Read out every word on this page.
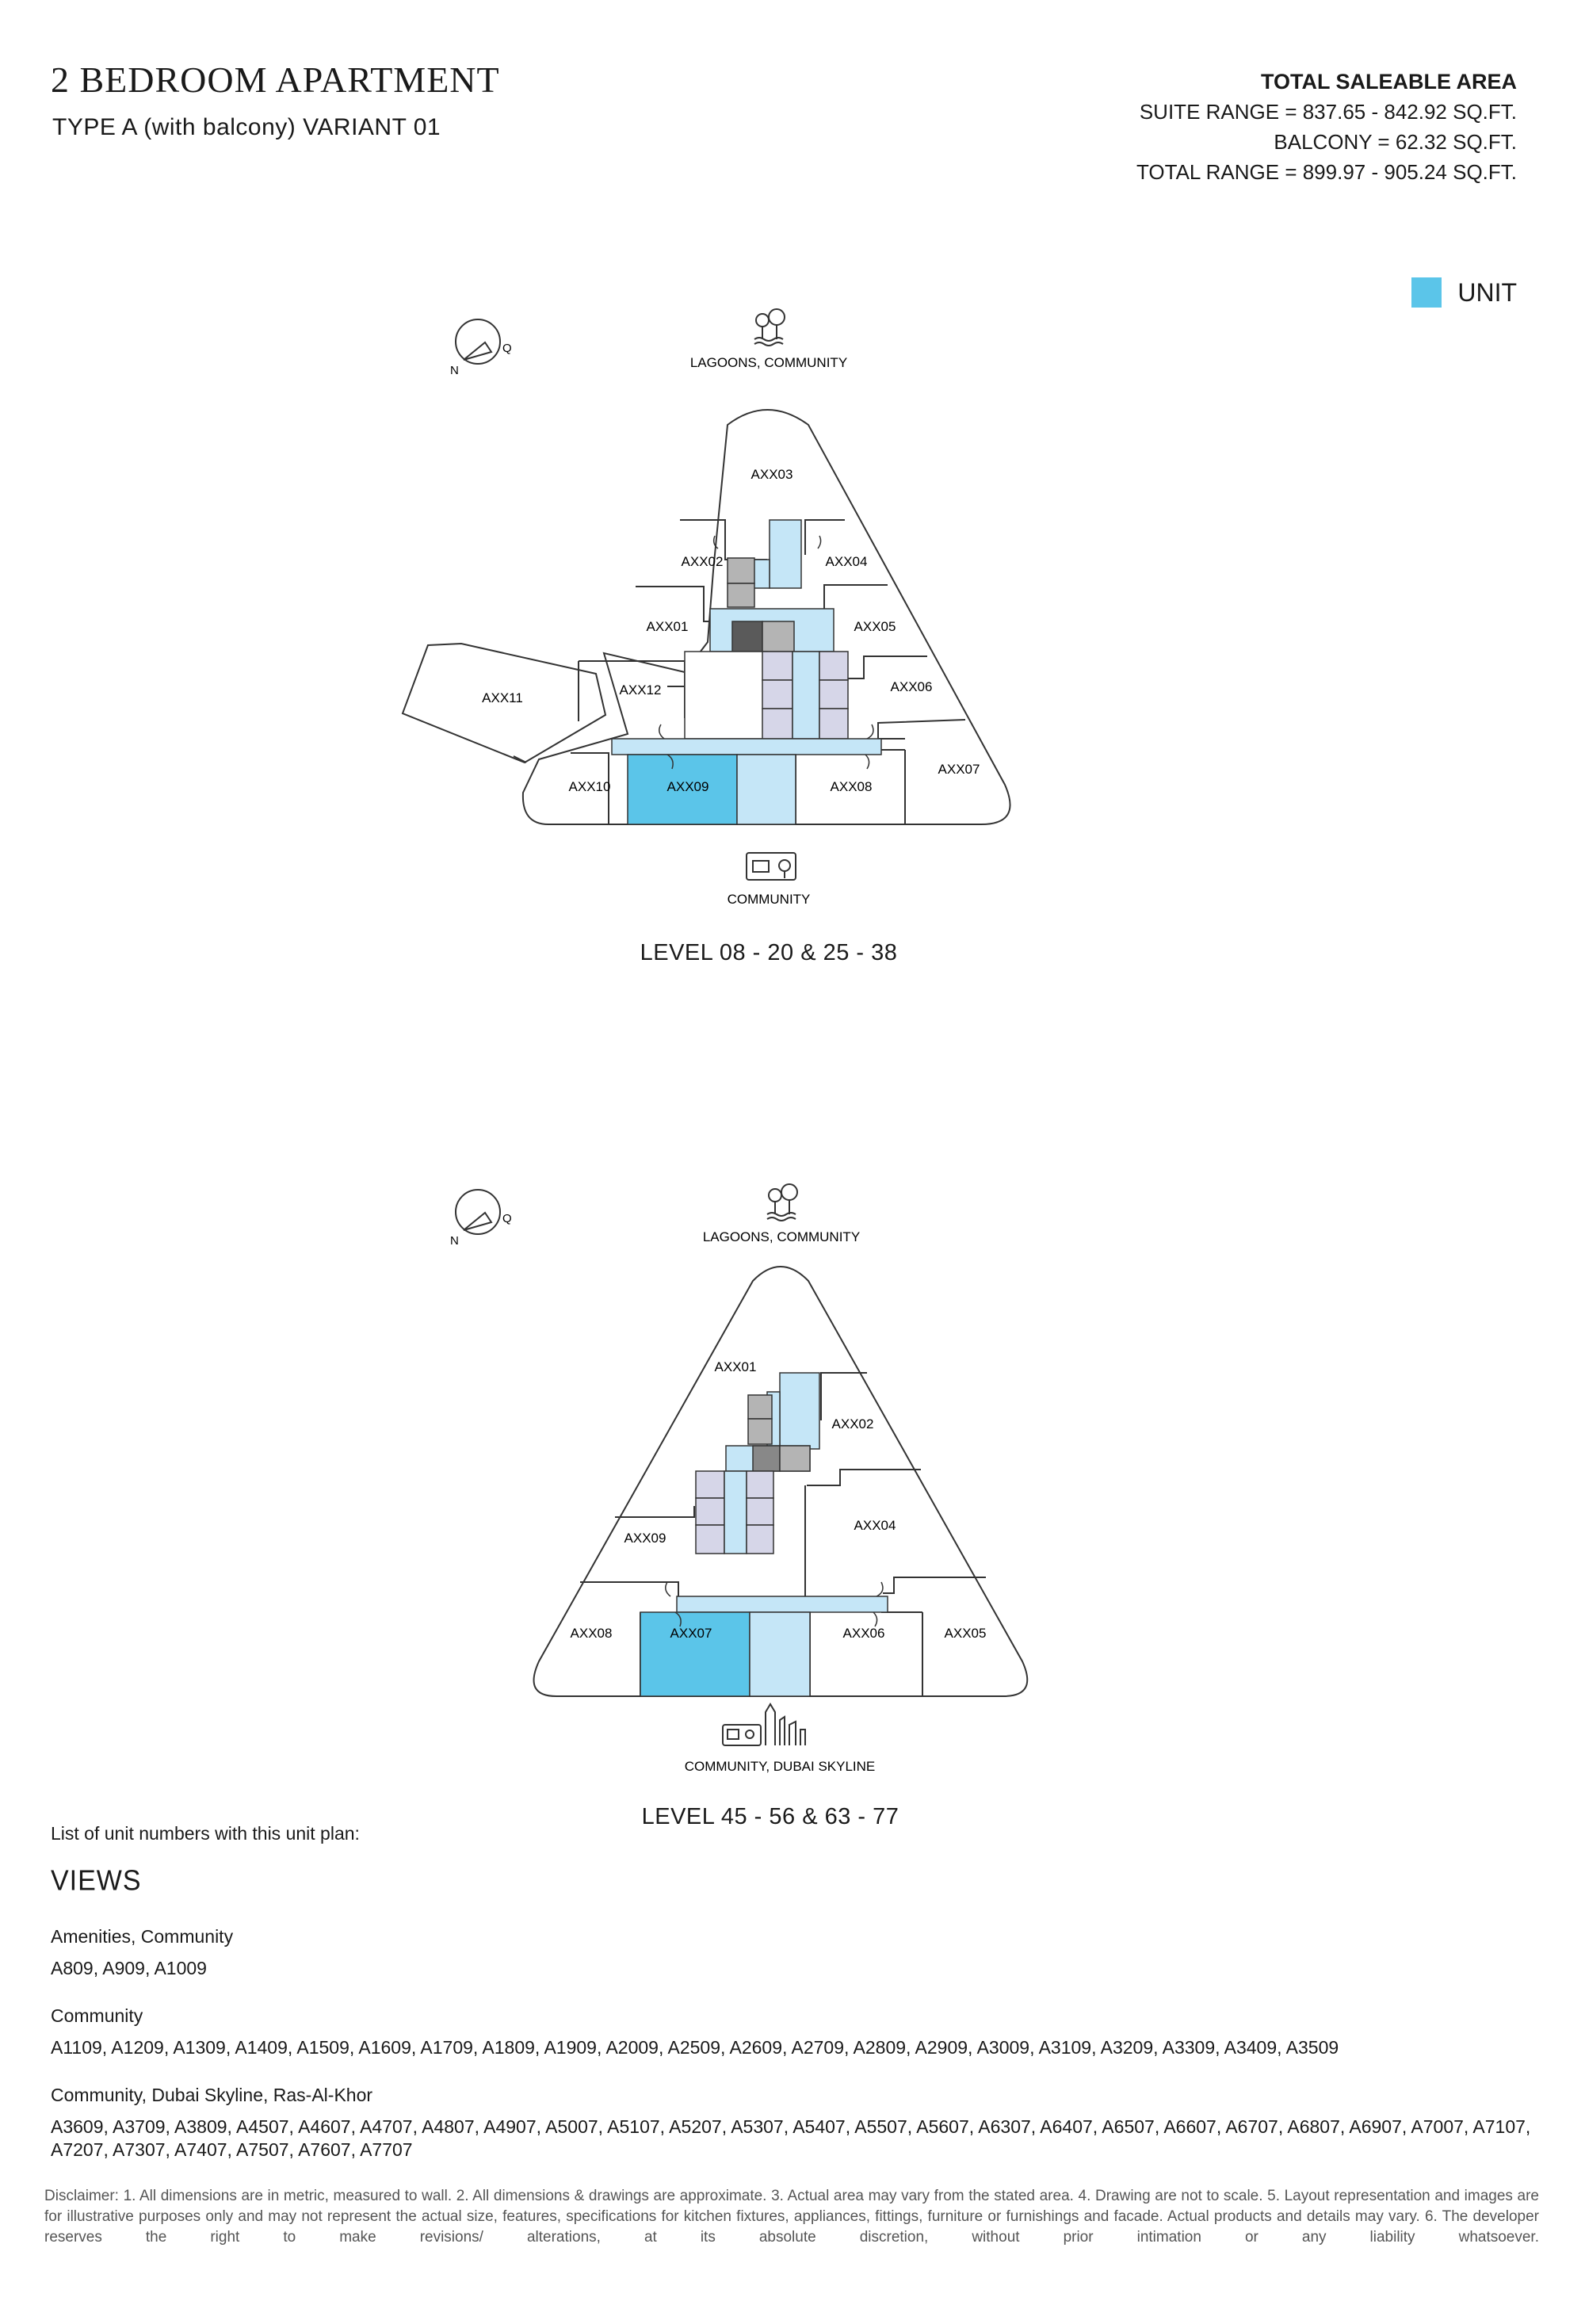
2 BEDROOM APARTMENT
TYPE A (with balcony) VARIANT 01
TOTAL SALEABLE AREA
SUITE RANGE = 837.65 - 842.92 SQ.FT.
BALCONY = 62.32 SQ.FT.
TOTAL RANGE = 899.97 - 905.24 SQ.FT.
UNIT
N
Q
LAGOONS, COMMUNITY
AXX03
AXX02	AXX04
AXX01	AXX05
AXX12	AXX06
AXX11
AXX07
AXX10	AXX09	AXX08
COMMUNITY
LEVEL 08 - 20 & 25 - 38
N
Q
LAGOONS, COMMUNITY
AXX01
AXX02
AXX04
AXX09
AXX08	AXX07	AXX06	AXX05
COMMUNITY, DUBAI SKYLINE
LEVEL 45 - 56 & 63 - 77
List of unit numbers with this unit plan:
VIEWS
Amenities, Community
A809, A909, A1009
Community
A1109, A1209, A1309, A1409, A1509, A1609, A1709, A1809, A1909, A2009, A2509, A2609, A2709, A2809, A2909, A3009, A3109, A3209, A3309, A3409, A3509
Community, Dubai Skyline, Ras-Al-Khor
A3609, A3709, A3809, A4507, A4607, A4707, A4807, A4907, A5007, A5107, A5207, A5307, A5407, A5507, A5607, A6307, A6407, A6507, A6607, A6707, A6807, A6907, A7007, A7107, A7207, A7307, A7407, A7507, A7607, A7707
Disclaimer: 1. All dimensions are in metric, measured to wall. 2. All dimensions & drawings are approximate. 3. Actual area may vary from the stated area. 4. Drawing are not to scale. 5. Layout representation and images are for illustrative purposes only and may not represent the actual size, features, specifications for kitchen fixtures, appliances, fittings, furniture or furnishings and facade. Actual products and details may vary. 6. The developer reserves the right to make revisions/ alterations, at its absolute discretion, without prior intimation or any liability whatsoever.
